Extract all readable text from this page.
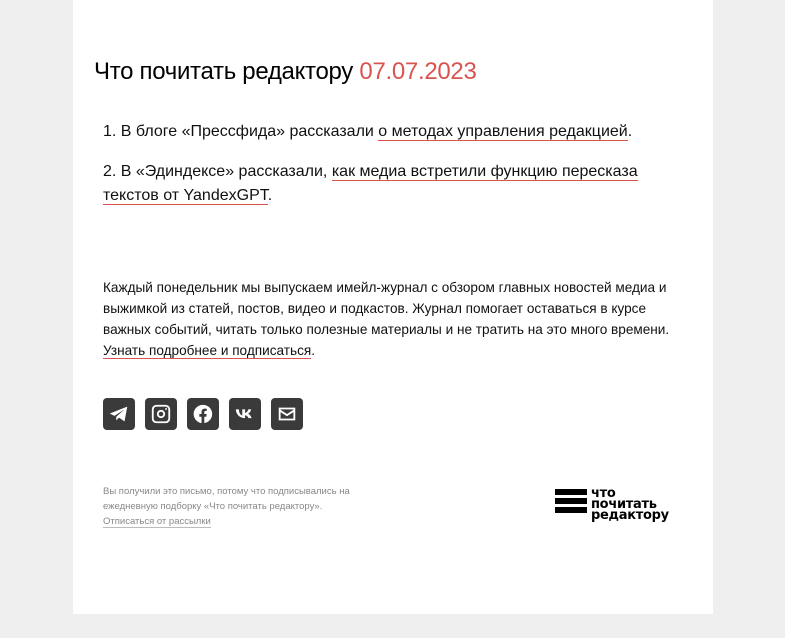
Что почитать редактору 07.07.2023

1. В блоге «Прессфида» рассказали о методах управления редакцией.

2. В «Эдиндексе» рассказали, как медиа встретили функцию пересказа текстов от YandexGPT.

Каждый понедельник мы выпускаем имейл-журнал с обзором главных новостей медиа и выжимкой из статей, постов, видео и подкастов. Журнал помогает оставаться в курсе важных событий, читать только полезные материалы и не тратить на это много времени. Узнать подробнее и подписаться.

Вы получили это письмо, потому что подписывались на
ежедневную подборку «Что почитать редактору».
Отписаться от рассылки
что
почитать
редактору
